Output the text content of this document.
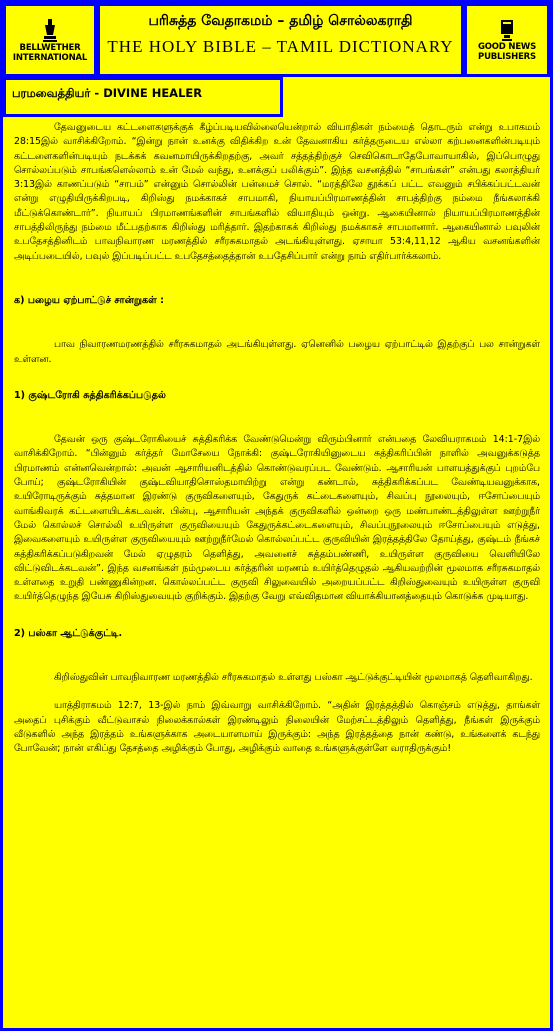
BELLWETHER
INTERNATIONAL
பரிசுத்த வேதாகமம் – தமிழ் சொல்லகராதி
THE HOLY BIBLE – TAMIL DICTIONARY	GOOD NEWS
PUBLISHERS
பரமவைத்தியர் - DIVINE HEALER

தேவனுடைய கட்டளைகளுக்குக் கீழ்ப்படியவில்லையென்றால் வியாதிகள் நம்மைத் தொடரும் என்று உபாகமம் 28:15இல் வாசிக்கிறோம். “இன்று நான் உனக்கு விதிக்கிற உன் தேவனாகிய கர்த்தருடைய எல்லா கற்பனைகளின்படியும் கட்டளைகளின்படியும் நடக்கக் கவனமாயிருக்கிறதற்கு, அவர் சத்தத்திற்குச் செவிகொடாதேபோவாயாகில், இப்பொழுது சொல்லப்படும் சாபங்களெல்லாம் உன் மேல் வந்து, உனக்குப் பலிக்கும்”. இந்த வசனத்தில் “சாபங்கள்” என்பது கலாத்தியர் 3:13இல் காணப்படும் “சாபம்” என்னும் சொல்லின் பன்மைச் சொல். “மரத்திலே தூக்கப் பட்ட எவனும் சபிக்கப்பட்டவன் என்று எழுதியிருக்கிறபடி, கிறிஸ்து நமக்காகச் சாபமாகி, நியாயப்பிரமாணத்தின் சாபத்திற்கு நம்மை நீங்கலாக்கி மீட்டுக்கொண்டார்”. நியாயப் பிரமாணங்களின் சாபங்களில் வியாதியும் ஒன்று. ஆகையினால் நியாயப்பிரமாணத்தின் சாபத்திலிருந்து நம்மை மீட்பதற்காக கிறிஸ்து மரித்தார். இதற்காகக் கிறிஸ்து நமக்காகச் சாபமானார். ஆகையினால் பவுலின் உபதேசத்தினிடம் பாவநிவாரண மரணத்தில் சரீரசுகமாதல் அடங்கியுள்ளது. ஏசாயா 53:4,11,12 ஆகிய வசனங்களின் அடிப்படையில், பவுல் இப்படிப்பட்ட உபதேசத்தைத்தான் உபதேசிப்பார் என்று நாம் எதிர்பார்க்கலாம்.

க) பழைய ஏற்பாட்டுச் சான்றுகள் :

பாவ நிவாரணமரணத்தில் சரீரசுகமாதல் அடங்கியுள்ளது. ஏனெனில் பழைய ஏற்பாட்டில் இதற்குப் பல சான்றுகள் உள்ளன.

1) குஷ்டரோகி சுத்திகரிக்கப்படுதல்

தேவன் ஒரு குஷ்டரோகியைச் சுத்திகரிக்க வேண்டுமென்று விரும்பினார் என்பதை லேவியராகமம் 14:1-7இல் வாசிக்கிறோம். “பின்னும் கர்த்தர் மோசேயை நோக்கி: குஷ்டரோகியினுடைய சுத்திகரிப்பின் நாளில் அவனுக்கடுத்த பிரமாணம் என்னவென்றால்: அவன் ஆசாரியனிடத்தில் கொண்டுவரப்பட வேண்டும். ஆசாரியன் பாளயத்துக்குப் புறம்பே போய்; குஷ்டரோகியின் குஷ்டவியாதிசொஸ்தமாயிற்று என்று கண்டால், சுத்திகரிக்கப்பட வேண்டியவனுக்காக, உயிரோடிருக்கும் சுத்தமான இரண்டு குருவிகளையும், கேதுருக் கட்டைகளையும், சிவப்பு நூலையும், ஈசோப்பையும் வாங்கிவரக் கட்டளையிடக்கடவன். பின்பு, ஆசாரியன் அந்தக் குருவிகளில் ஒன்றை ஒரு மண்பாண்டத்திலுள்ள ஊற்றுநீர் மேல் கொல்லச் சொல்லி உயிருள்ள குருவியையும் கேதுருக்கட்டைகளையும், சிவப்புநூலையும் ஈசோப்பையும் எடுத்து, இவைகளையும் உயிருள்ள குருவியையும் ஊற்றுநீர்மேல் கொல்லப்பட்ட குருவியின் இரத்தத்திலே தோய்த்து, குஷ்டம் நீங்கச் சுத்திகரிக்கப்படுகிறவன் மேல் ஏழுதரம் தெளித்து, அவனைச் சுத்தம்பண்ணி, உயிருள்ள குருவியை வெளியிலே விட்டுவிடக்கடவன்”. இந்த வசனங்கள் நம்முடைய கர்த்தரின் மரணம் உயிர்த்தெழுதல் ஆகியவற்றின் மூலமாக சரீரசுகமாதல் உள்ளதை உறுதி பண்ணுகின்றன. கொல்லப்பட்ட குருவி சிலுவையில் அறையப்பட்ட கிறிஸ்துவையும் உயிருள்ள குருவி உயிர்த்தெழுந்த இயேசு கிறிஸ்துவையும் குறிக்கும். இதற்கு வேறு எவ்விதமான வியாக்கியானத்தையும் கொடுக்க முடியாது.

2) பஸ்கா ஆட்டுக்குட்டி.

கிறிஸ்துவின் பாவநிவாரண மரணத்தில் சரீரசுகமாதல் உள்ளது பஸ்கா ஆட்டுக்குட்டியின் மூலமாகத் தெளிவாகிறது.

யாத்திராகமம் 12:7, 13-இல் நாம் இவ்வாறு வாசிக்கிறோம். “அதின் இரத்தத்தில் கொஞ்சம் எடுத்து, தாங்கள் அதைப் புசிக்கும் வீட்டுவாசல் நிலைக்கால்கள் இரண்டிலும் நிலையின் மேற்சட்டத்திலும் தெளித்து, நீங்கள் இருக்கும் வீடுகளில் அந்த இரத்தம் உங்களுக்காக அடையாளமாய் இருக்கும்: அந்த இரத்தத்தை நான் கண்டு, உங்களைக் கடந்து போவேன்; நான் எகிப்து தேசத்தை அழிக்கும் போது, அழிக்கும் வாதை உங்களுக்குள்ளே வராதிருக்கும்!
